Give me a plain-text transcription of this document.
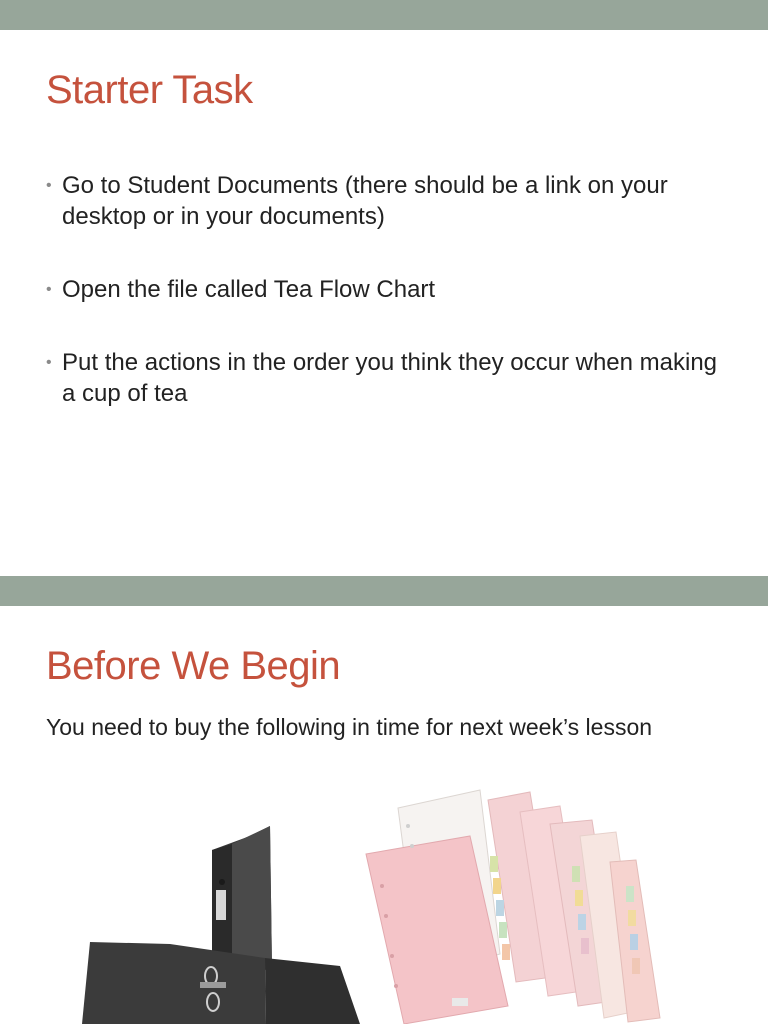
Starter Task
• Go to Student Documents (there should be a link on your desktop or in your documents)
• Open the file called Tea Flow Chart
• Put the actions in the order you think they occur when making a cup of tea
Before We Begin

You need to buy the following in time for next week’s lesson
